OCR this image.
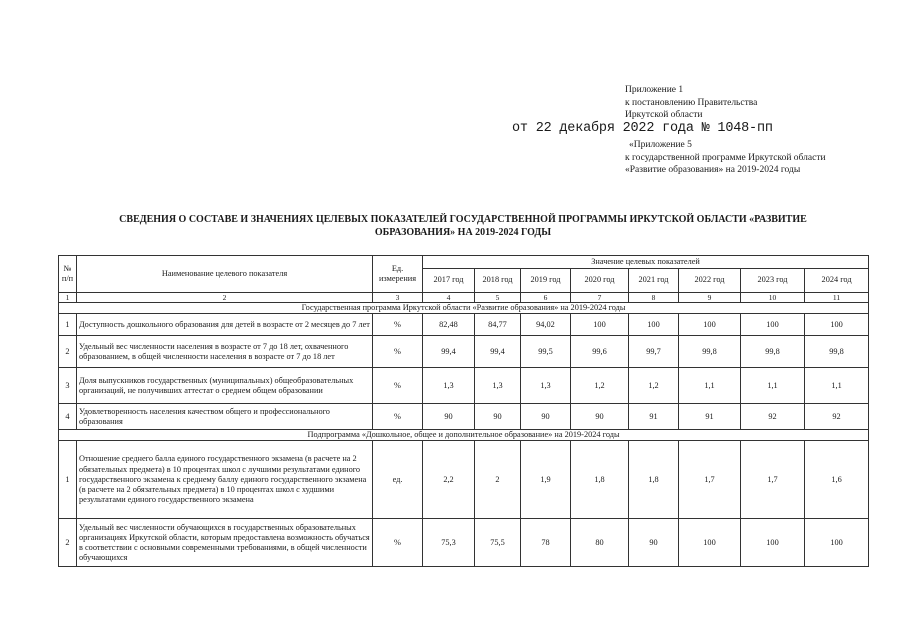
Приложение 1
к постановлению Правительства
Иркутской области
от 22 декабря 2022 года № 1048-пп
«Приложение 5
к государственной программе Иркутской области
«Развитие образования» на 2019-2024 годы
СВЕДЕНИЯ О СОСТАВЕ И ЗНАЧЕНИЯХ ЦЕЛЕВЫХ ПОКАЗАТЕЛЕЙ ГОСУДАРСТВЕННОЙ ПРОГРАММЫ ИРКУТСКОЙ ОБЛАСТИ «РАЗВИТИЕ
ОБРАЗОВАНИЯ» НА 2019-2024 ГОДЫ
№ п/п	Наименование целевого показателя	Ед. измерения	Значение целевых показателей							
			2017 год	2018 год	2019 год	2020 год	2021 год	2022 год	2023 год	2024 год
1	2	3	4	5	6	7	8	9	10	11
Государственная программа Иркутской области «Развитие образования» на 2019-2024 годы										
1	Доступность дошкольного образования для детей в возрасте от 2 месяцев до 7 лет	%	82,48	84,77	94,02	100	100	100	100	100
2	Удельный вес численности населения в возрасте от 7 до 18 лет, охваченного образованием, в общей численности населения в возрасте от 7 до 18 лет	%	99,4	99,4	99,5	99,6	99,7	99,8	99,8	99,8
3	Доля выпускников государственных (муниципальных) общеобразовательных организаций, не получивших аттестат о среднем общем образовании	%	1,3	1,3	1,3	1,2	1,2	1,1	1,1	1,1
4	Удовлетворенность населения качеством общего и профессионального образования	%	90	90	90	90	91	91	92	92
Подпрограмма «Дошкольное, общее и дополнительное образование» на 2019-2024 годы										
1	Отношение среднего балла единого государственного экзамена (в расчете на 2 обязательных предмета) в 10 процентах школ с лучшими результатами единого государственного экзамена к среднему баллу единого государственного экзамена (в расчете на 2 обязательных предмета) в 10 процентах школ с худшими результатами единого государственного экзамена	ед.	2,2	2	1,9	1,8	1,8	1,7	1,7	1,6
2	Удельный вес численности обучающихся в государственных образовательных организациях Иркутской области, которым предоставлена возможность обучаться в соответствии с основными современными требованиями, в общей численности обучающихся	%	75,3	75,5	78	80	90	100	100	100
